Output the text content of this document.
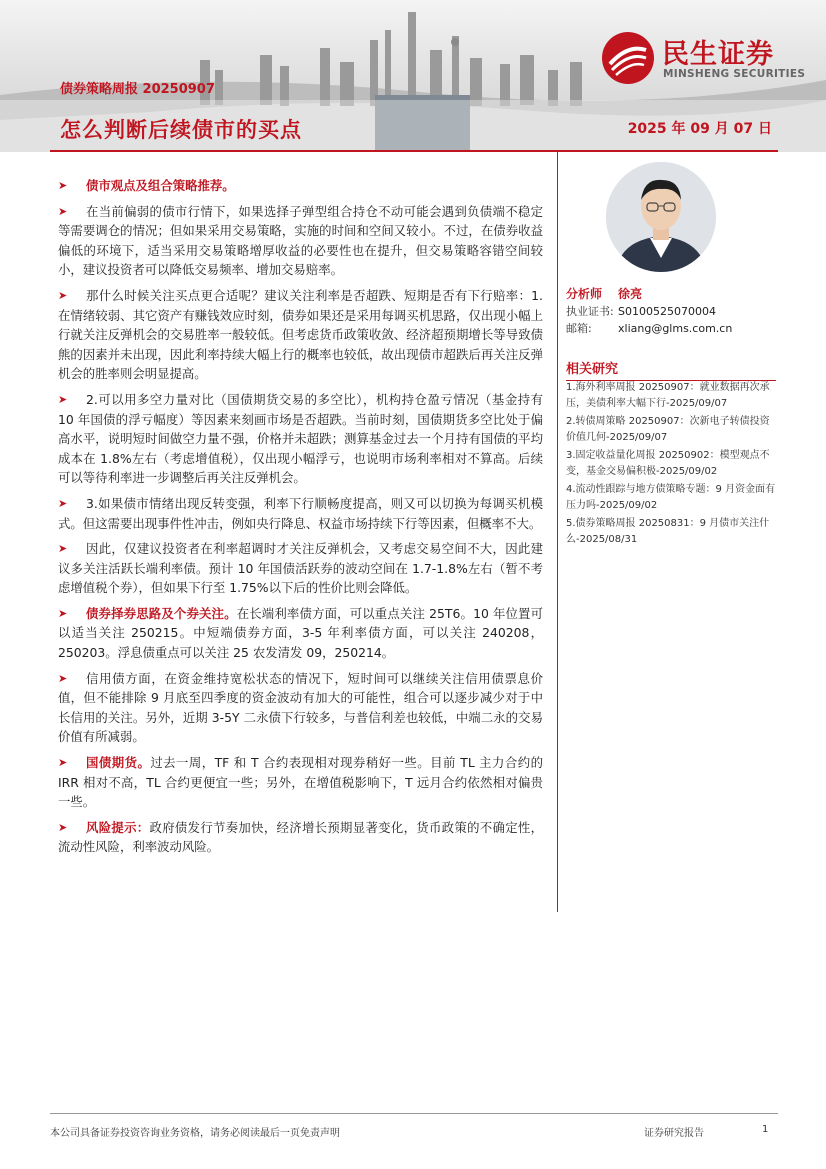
债券策略周报 20250907
怎么判断后续债市的买点	2025 年 09 月 07 日
民生证券
MINSHENG SECURITIES
➤ 债市观点及组合策略推荐。
➤ 在当前偏弱的债市行情下，如果选择子弹型组合持仓不动可能会遇到负债端不稳定等需要调仓的情况；但如果采用交易策略，实施的时间和空间又较小。不过，在债券收益偏低的环境下，适当采用交易策略增厚收益的必要性也在提升，但交易策略容错空间较小，建议投资者可以降低交易频率、增加交易赔率。
➤ 那什么时候关注买点更合适呢？建议关注利率是否超跌、短期是否有下行赔率：1.在情绪较弱、其它资产有赚钱效应时刻，债券如果还是采用每调买机思路，仅出现小幅上行就关注反弹机会的交易胜率一般较低。但考虑货币政策收敛、经济超预期增长等导致债熊的因素并未出现，因此利率持续大幅上行的概率也较低，故出现债市超跌后再关注反弹机会的胜率则会明显提高。
➤ 2.可以用多空力量对比（国债期货交易的多空比），机构持仓盈亏情况（基金持有 10 年国债的浮亏幅度）等因素来刻画市场是否超跌。当前时刻，国债期货多空比处于偏高水平，说明短时间做空力量不强，价格并未超跌；测算基金过去一个月持有国债的平均成本在 1.8%左右（考虑增值税），仅出现小幅浮亏，也说明市场利率相对不算高。后续可以等待利率进一步调整后再关注反弹机会。
➤ 3.如果债市情绪出现反转变强，利率下行顺畅度提高，则又可以切换为每调买机模式。但这需要出现事件性冲击，例如央行降息、权益市场持续下行等因素，但概率不大。
➤ 因此，仅建议投资者在利率超调时才关注反弹机会，又考虑交易空间不大，因此建议多关注活跃长端利率债。预计 10 年国债活跃券的波动空间在 1.7-1.8%左右（暂不考虑增值税个券），但如果下行至 1.75%以下后的性价比则会降低。
➤ 债券择券思路及个券关注。在长端利率债方面，可以重点关注 25T6。10 年位置可以适当关注 250215。中短端债券方面，3-5 年利率债方面，可以关注 240208，250203。浮息债重点可以关注 25 农发清发 09，250214。
➤ 信用债方面，在资金维持宽松状态的情况下，短时间可以继续关注信用债票息价值，但不能排除 9 月底至四季度的资金波动有加大的可能性，组合可以逐步减少对于中长信用的关注。另外，近期 3-5Y 二永债下行较多，与普信利差也较低，中端二永的交易价值有所减弱。
➤ 国债期货。过去一周，TF 和 T 合约表现相对现券稍好一些。目前 TL 主力合约的 IRR 相对不高，TL 合约更便宜一些；另外，在增值税影响下，T 远月合约依然相对偏贵一些。
➤ 风险提示：政府债发行节奏加快，经济增长预期显著变化，货币政策的不确定性，流动性风险，利率波动风险。
分析师 徐亮
执业证书: S0100525070004
邮箱: xliang@glms.com.cn
相关研究
1.海外利率周报 20250907：就业数据再次承压，美债利率大幅下行-2025/09/07
2.转债周策略 20250907：次新电子转债投资价值几何-2025/09/07
3.固定收益量化周报 20250902：模型观点不变，基金交易偏积极-2025/09/02
4.流动性跟踪与地方债策略专题：9 月资金面有压力吗-2025/09/02
5.债券策略周报 20250831：9 月债市关注什么-2025/08/31
本公司具备证券投资咨询业务资格，请务必阅读最后一页免责声明	证券研究报告	1
